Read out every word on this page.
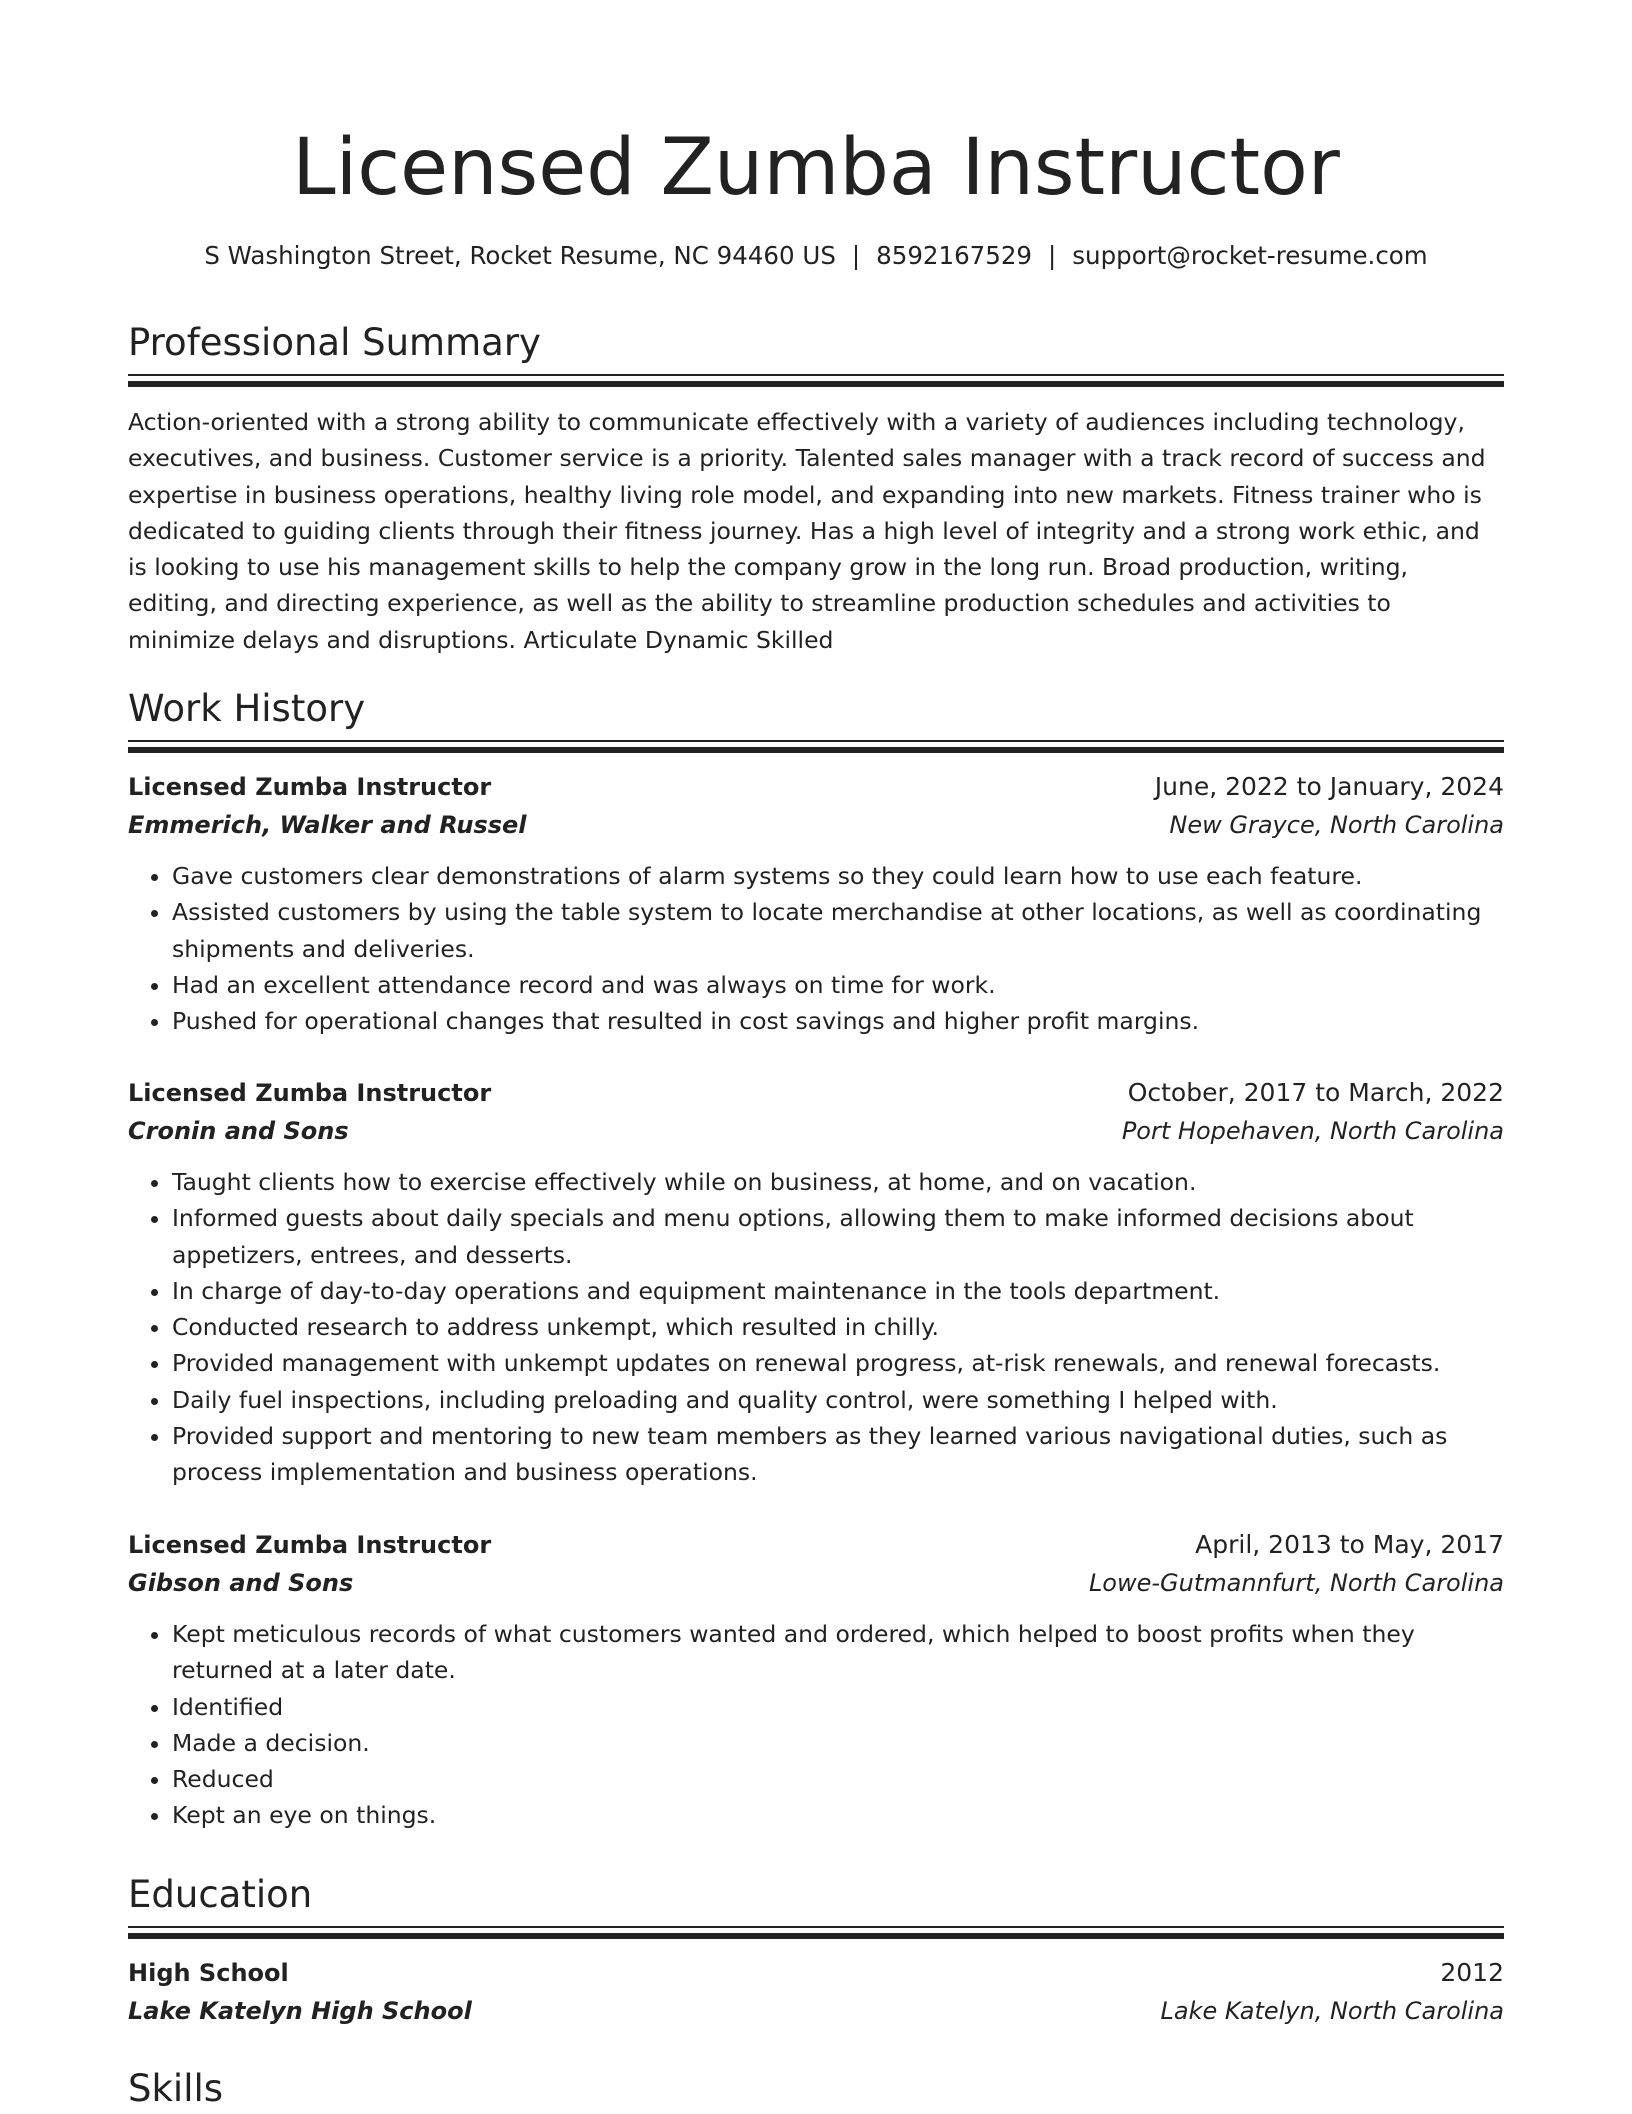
Licensed Zumba Instructor
S Washington Street, Rocket Resume, NC 94460 US | 8592167529 | support@rocket-resume.com
Professional Summary

Action-oriented with a strong ability to communicate effectively with a variety of audiences including technology, executives, and business. Customer service is a priority. Talented sales manager with a track record of success and expertise in business operations, healthy living role model, and expanding into new markets. Fitness trainer who is dedicated to guiding clients through their fitness journey. Has a high level of integrity and a strong work ethic, and is looking to use his management skills to help the company grow in the long run. Broad production, writing, editing, and directing experience, as well as the ability to streamline production schedules and activities to minimize delays and disruptions. Articulate Dynamic Skilled

Work History
Licensed Zumba Instructor	June, 2022 to January, 2024
Emmerich, Walker and Russel	New Grayce, North Carolina
• Gave customers clear demonstrations of alarm systems so they could learn how to use each feature.
• Assisted customers by using the table system to locate merchandise at other locations, as well as coordinating shipments and deliveries.
• Had an excellent attendance record and was always on time for work.
• Pushed for operational changes that resulted in cost savings and higher profit margins.
Licensed Zumba Instructor	October, 2017 to March, 2022
Cronin and Sons	Port Hopehaven, North Carolina
• Taught clients how to exercise effectively while on business, at home, and on vacation.
• Informed guests about daily specials and menu options, allowing them to make informed decisions about appetizers, entrees, and desserts.
• In charge of day-to-day operations and equipment maintenance in the tools department.
• Conducted research to address unkempt, which resulted in chilly.
• Provided management with unkempt updates on renewal progress, at-risk renewals, and renewal forecasts.
• Daily fuel inspections, including preloading and quality control, were something I helped with.
• Provided support and mentoring to new team members as they learned various navigational duties, such as process implementation and business operations.
Licensed Zumba Instructor	April, 2013 to May, 2017
Gibson and Sons	Lowe-Gutmannfurt, North Carolina
• Kept meticulous records of what customers wanted and ordered, which helped to boost profits when they returned at a later date.
• Identified
• Made a decision.
• Reduced
• Kept an eye on things.
Education
High School	2012
Lake Katelyn High School	Lake Katelyn, North Carolina
Skills
